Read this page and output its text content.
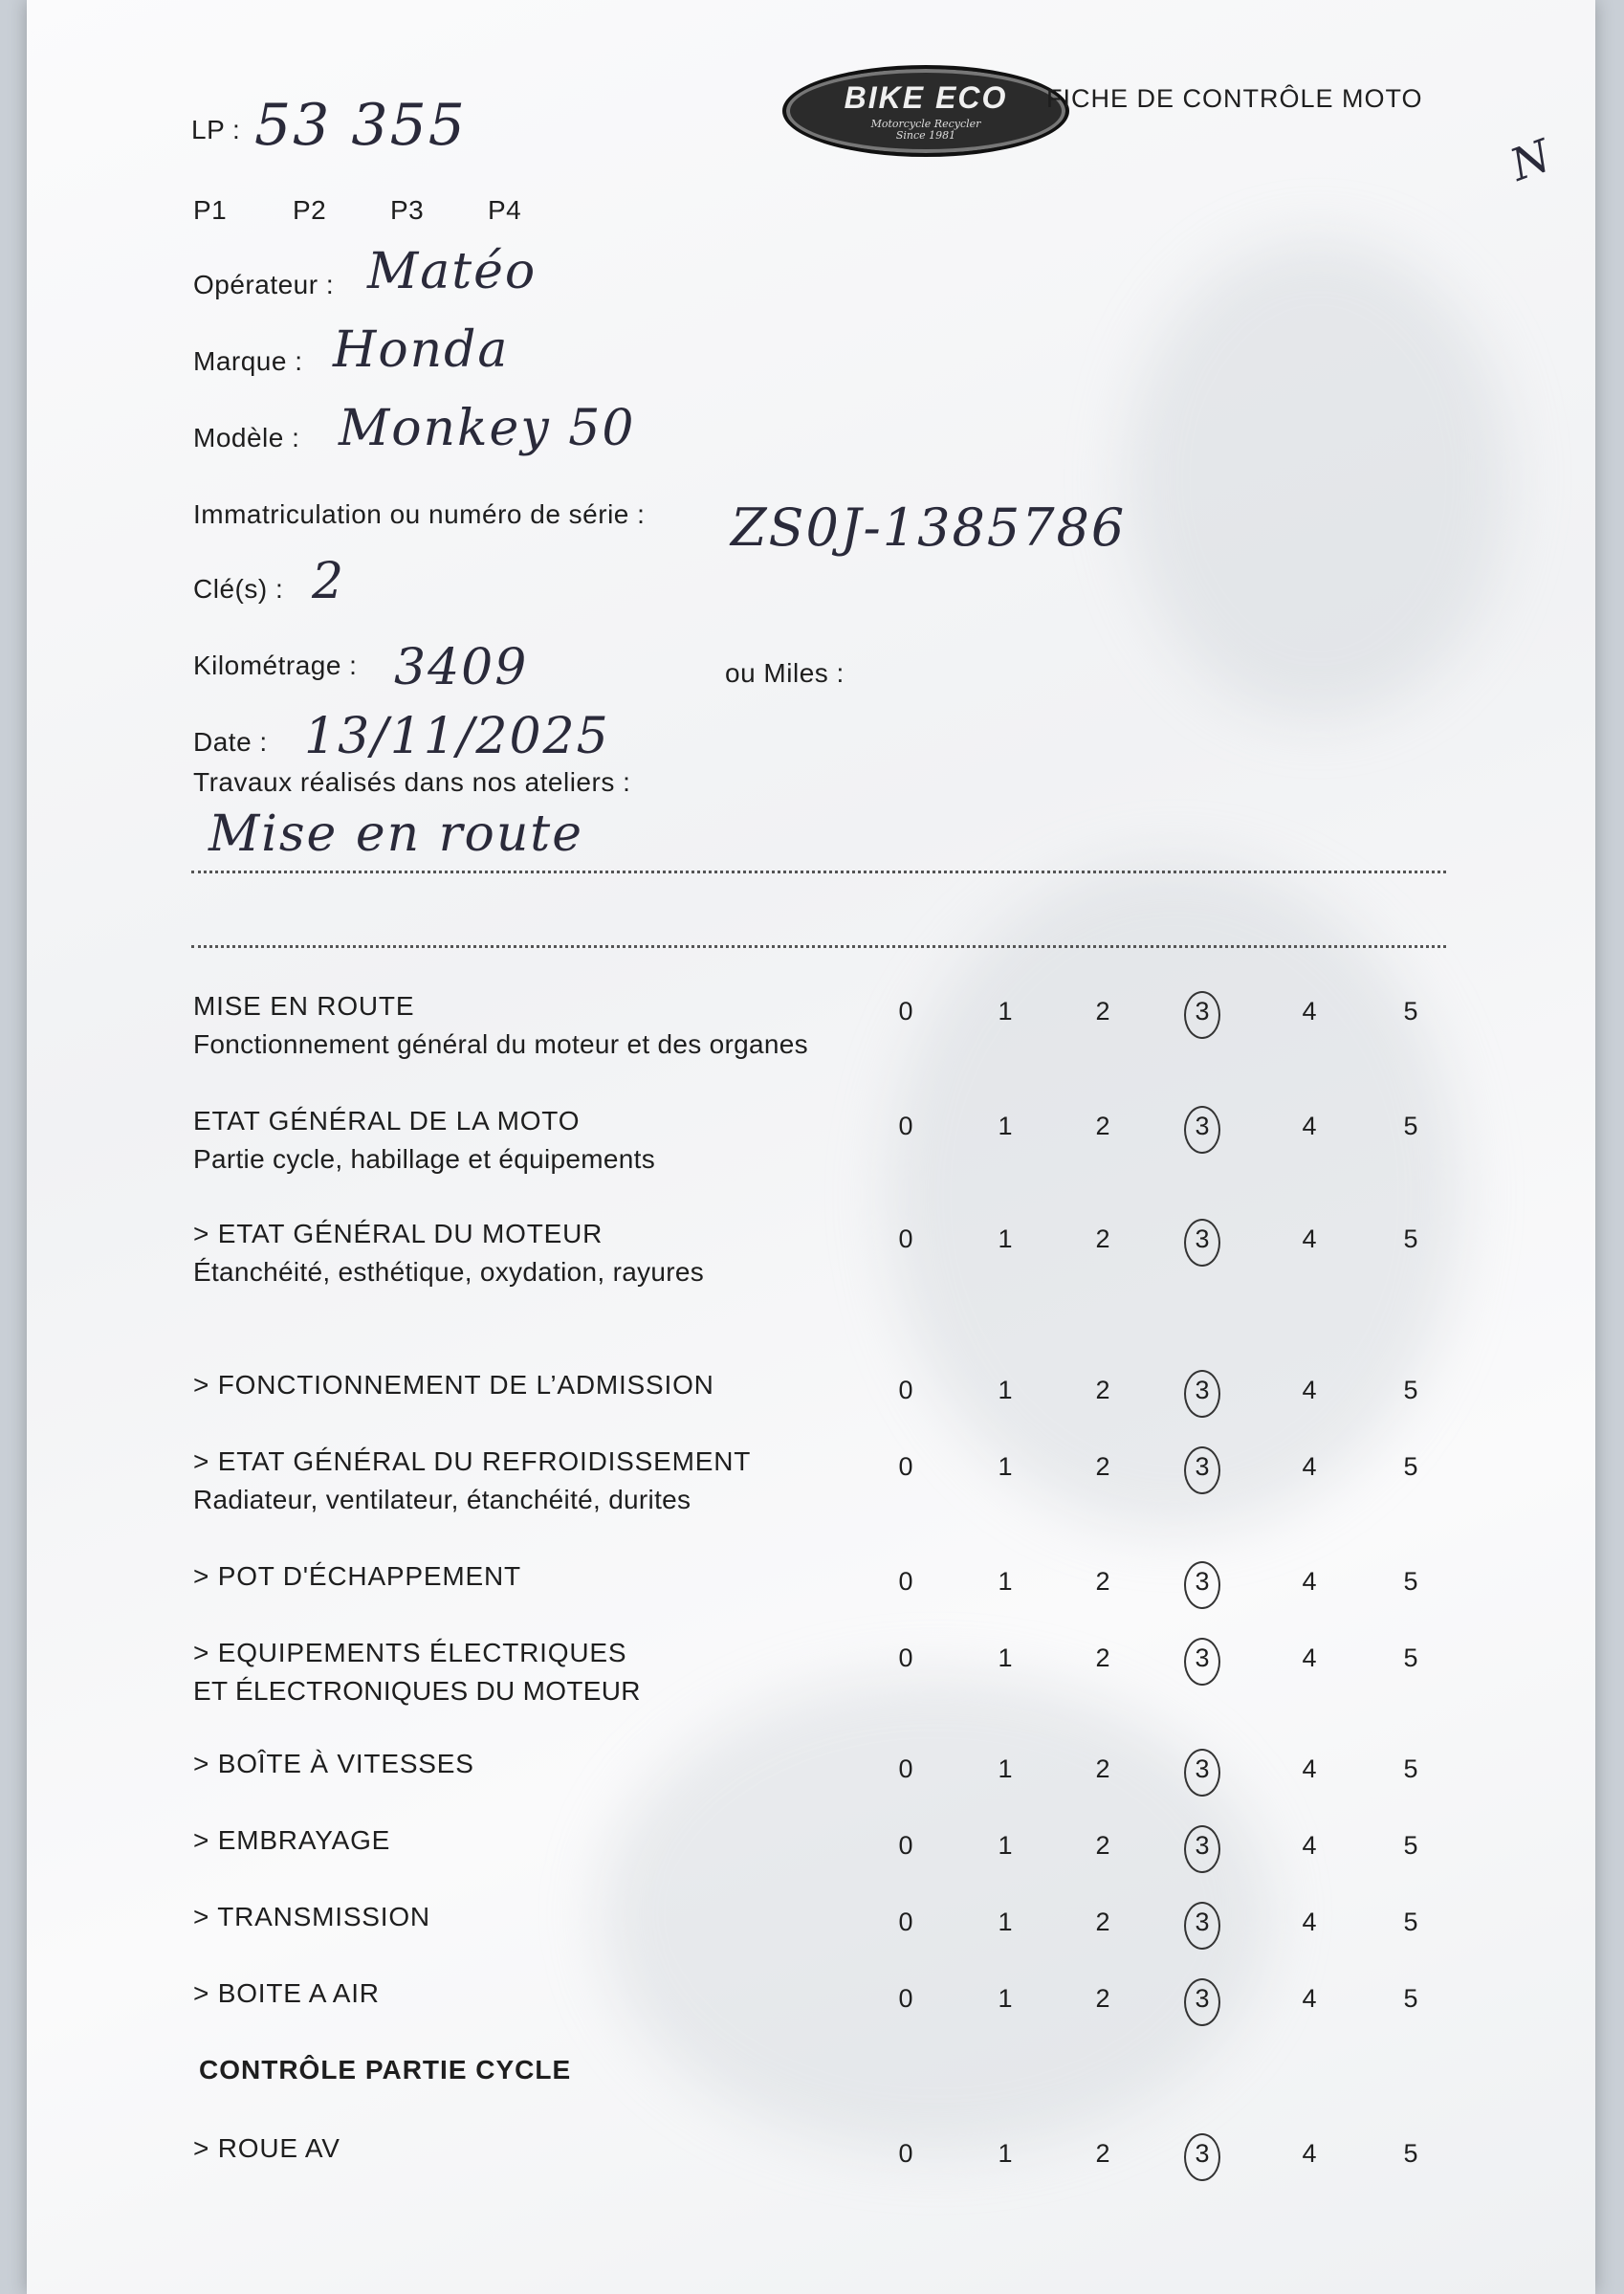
BIKE ECO
Motorcycle Recycler
Since 1981
FICHE DE CONTRÔLE MOTO
N
LP : 53 355
P1 P2 P3 P4
Opérateur : Matéo
Marque : Honda
Modèle : Monkey 50
Immatriculation ou numéro de série : ZS0J-1385786
Clé(s) : 2
Kilométrage : 3409	ou Miles :
Date : 13/11/2025
Travaux réalisés dans nos ateliers :
Mise en route
CONTRÔLE PARTIE CYCLE
MISE EN ROUTE
Fonctionnement général du moteur et des organes
0	1	2	3	4	5
ETAT GÉNÉRAL DE LA MOTO
Partie cycle, habillage et équipements
0	1	2	3	4	5
> ETAT GÉNÉRAL DU MOTEUR
Étanchéité, esthétique, oxydation, rayures
0	1	2	3	4	5
> FONCTIONNEMENT DE L’ADMISSION	0	1	2	3	4	5
> ETAT GÉNÉRAL DU REFROIDISSEMENT
Radiateur, ventilateur, étanchéité, durites
0	1	2	3	4	5
> POT D'ÉCHAPPEMENT	0	1	2	3	4	5
> EQUIPEMENTS ÉLECTRIQUES
ET ÉLECTRONIQUES DU MOTEUR
0	1	2	3	4	5
> BOÎTE À VITESSES	0	1	2	3	4	5
> EMBRAYAGE	0	1	2	3	4	5
> TRANSMISSION	0	1	2	3	4	5
> BOITE A AIR	0	1	2	3	4	5
> ROUE AV	0	1	2	3	4	5
